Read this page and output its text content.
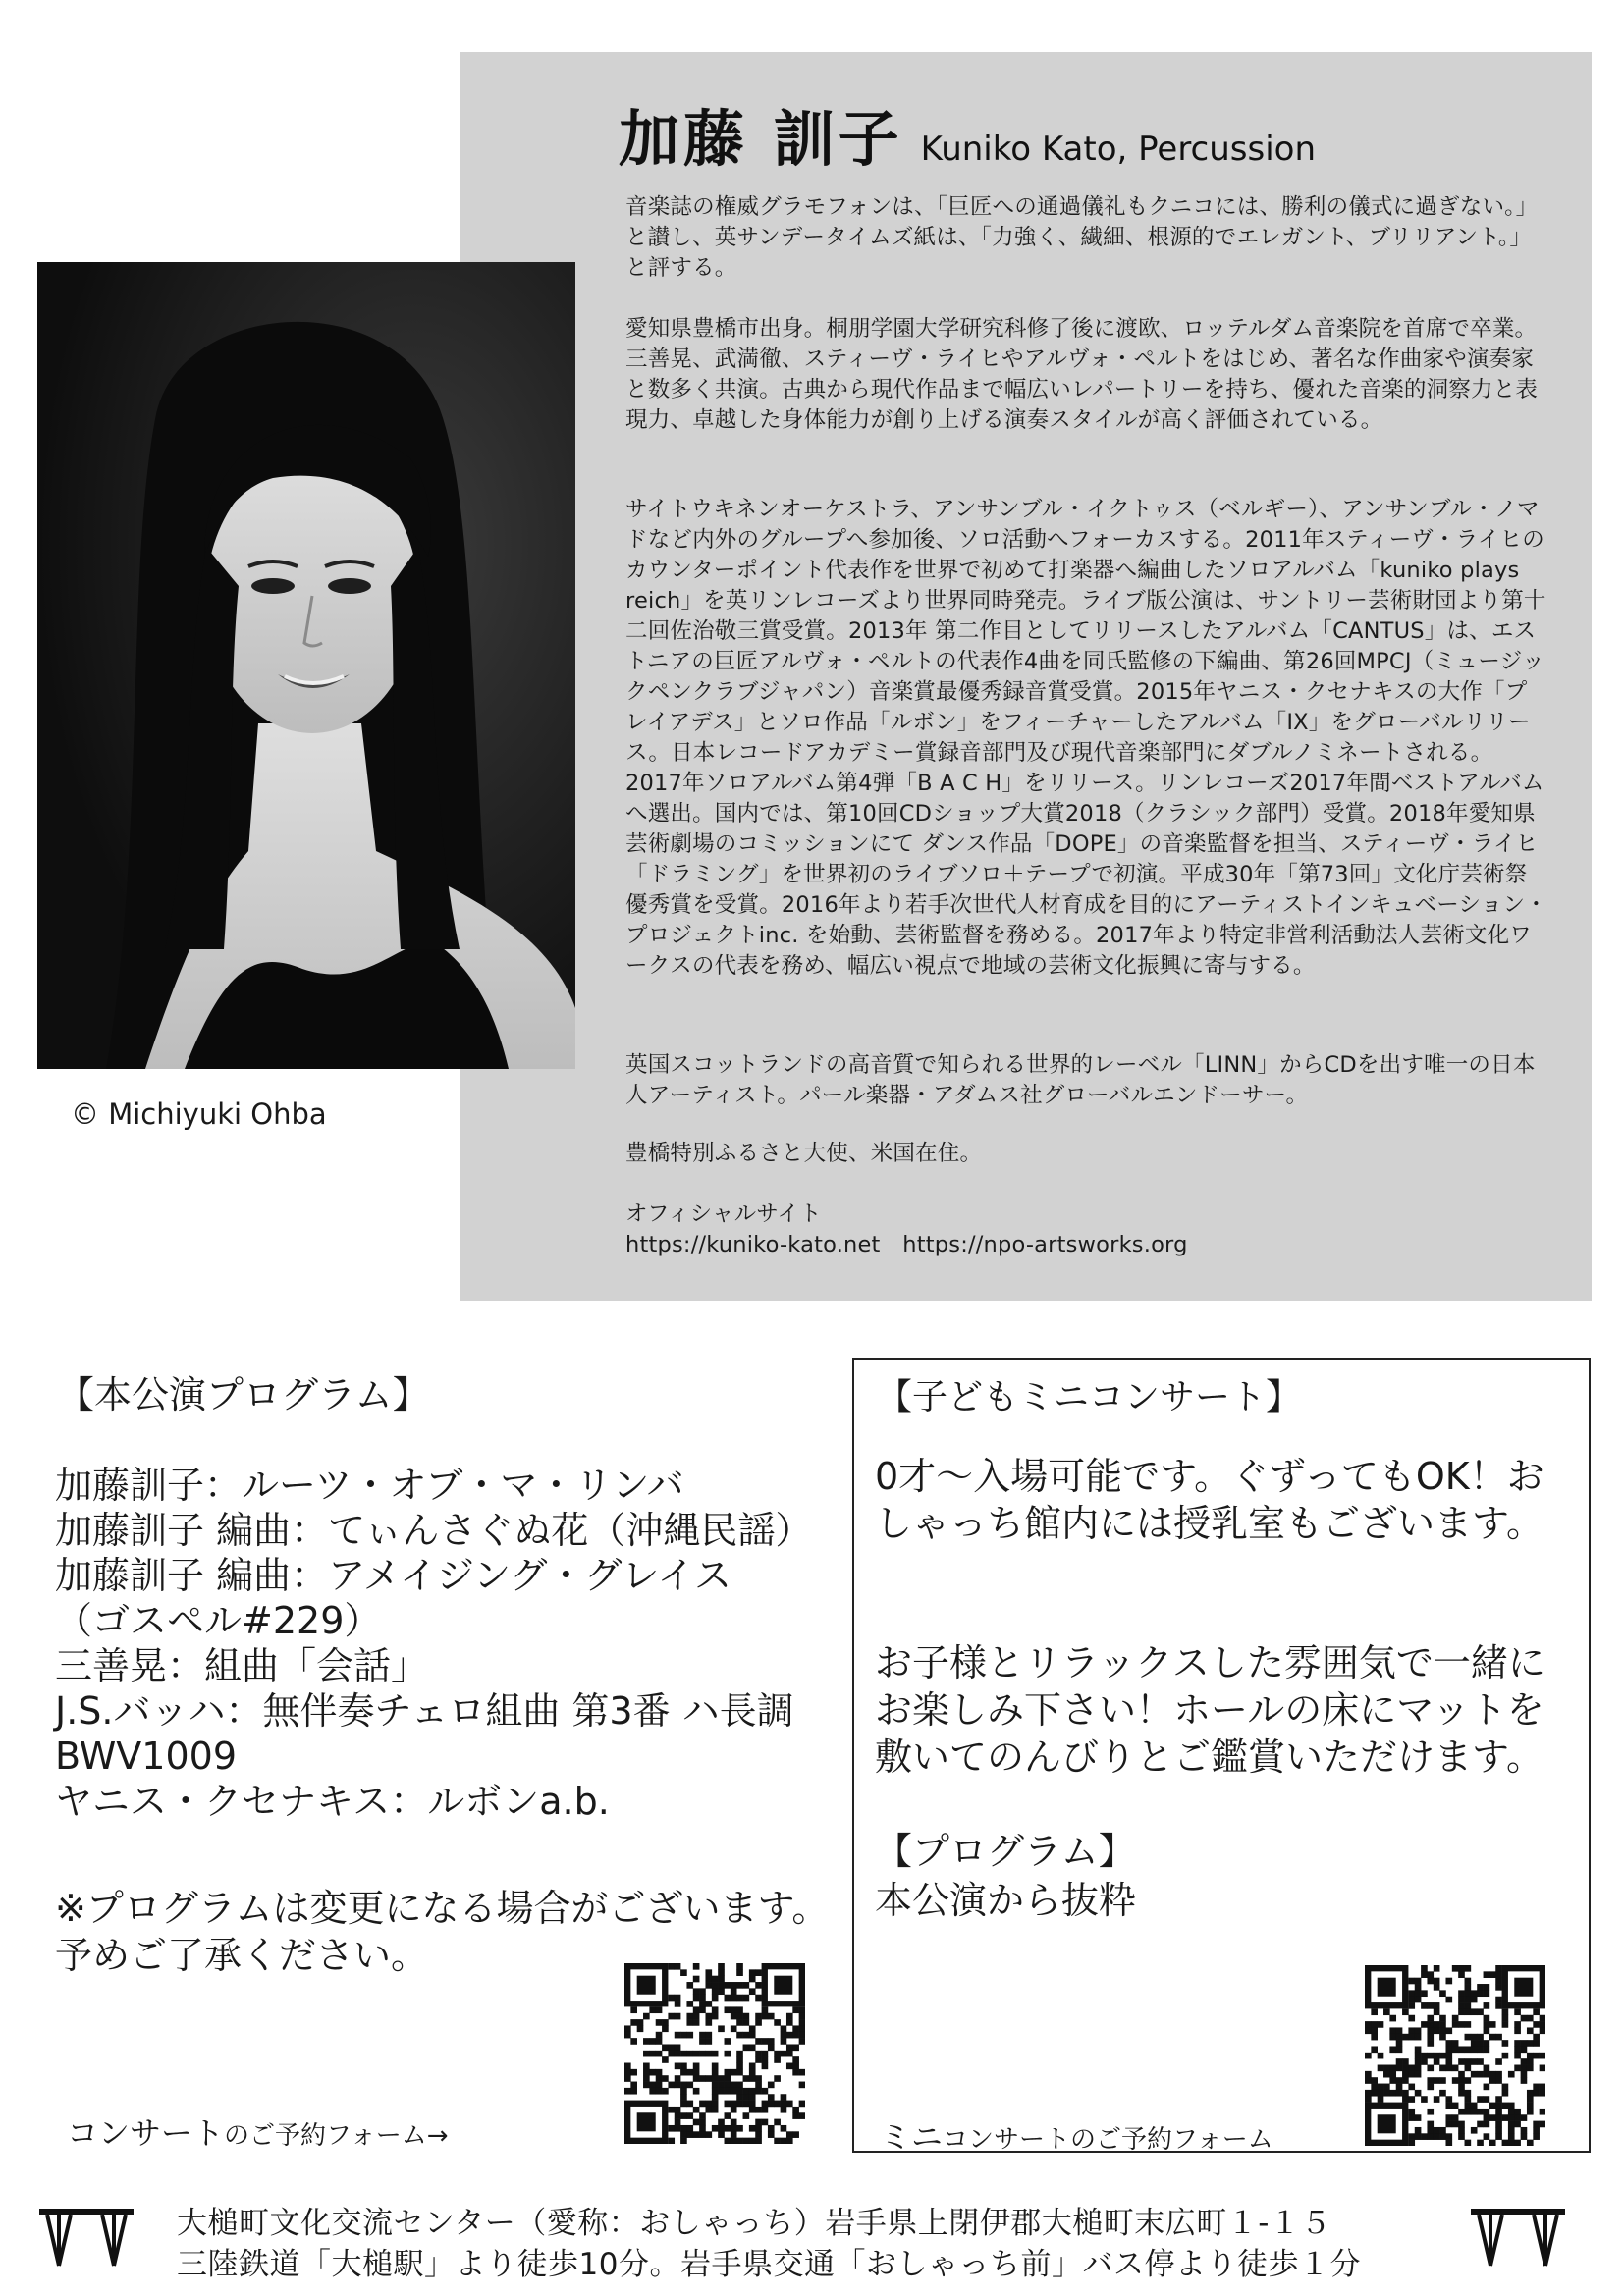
加藤 訓子 Kuniko Kato, Percussion

音楽誌の権威グラモフォンは、「巨匠への通過儀礼もクニコには、勝利の儀式に過ぎない。」と讃し、英サンデータイムズ紙は、「力強く、繊細、根源的でエレガント、ブリリアント。」と評する。

愛知県豊橋市出身。桐朋学園大学研究科修了後に渡欧、ロッテルダム音楽院を首席で卒業。三善晃、武満徹、スティーヴ・ライヒやアルヴォ・ペルトをはじめ、著名な作曲家や演奏家と数多く共演。古典から現代作品まで幅広いレパートリーを持ち、優れた音楽的洞察力と表現力、卓越した身体能力が創り上げる演奏スタイルが高く評価されている。

サイトウキネンオーケストラ、アンサンブル・イクトゥス（ベルギー）、アンサンブル・ノマドなど内外のグループへ参加後、ソロ活動へフォーカスする。2011年スティーヴ・ライヒのカウンターポイント代表作を世界で初めて打楽器へ編曲したソロアルバム「kuniko plays reich」を英リンレコーズより世界同時発売。ライブ版公演は、サントリー芸術財団より第十二回佐治敬三賞受賞。2013年 第二作目としてリリースしたアルバム「CANTUS」は、エストニアの巨匠アルヴォ・ペルトの代表作4曲を同氏監修の下編曲、第26回MPCJ（ミュージックペンクラブジャパン）音楽賞最優秀録音賞受賞。2015年ヤニス・クセナキスの大作「プレイアデス」とソロ作品「ルボン」をフィーチャーしたアルバム「IX」をグローバルリリース。日本レコードアカデミー賞録音部門及び現代音楽部門にダブルノミネートされる。2017年ソロアルバム第4弾「B A C H」をリリース。リンレコーズ2017年間ベストアルバムへ選出。国内では、第10回CDショップ大賞2018（クラシック部門）受賞。2018年愛知県芸術劇場のコミッションにて ダンス作品「DOPE」の音楽監督を担当、スティーヴ・ライヒ「ドラミング」を世界初のライブソロ＋テープで初演。平成30年「第73回」文化庁芸術祭優秀賞を受賞。2016年より若手次世代人材育成を目的にアーティストインキュベーション・プロジェクトinc. を始動、芸術監督を務める。2017年より特定非営利活動法人芸術文化ワークスの代表を務め、幅広い視点で地域の芸術文化振興に寄与する。

英国スコットランドの高音質で知られる世界的レーベル「LINN」からCDを出す唯一の日本人アーティスト。パール楽器・アダムス社グローバルエンドーサー。

豊橋特別ふるさと大使、米国在住。

オフィシャルサイト

https://kuniko-kato.net　https://npo-artsworks.org

© Michiyuki Ohba
【本公演プログラム】
加藤訓子：ルーツ・オブ・マ・リンバ
加藤訓子 編曲：てぃんさぐぬ花（沖縄民謡）
加藤訓子 編曲：アメイジング・グレイス
（ゴスペル#229）
三善晃：組曲「会話」
J.S.バッハ：無伴奏チェロ組曲 第3番 ハ長調
BWV1009
ヤニス・クセナキス：ルボンa.b.
※プログラムは変更になる場合がございます。
予めご了承ください。
コンサートのご予約フォーム→
【子どもミニコンサート】

0才～入場可能です。ぐずってもOK！おしゃっち館内には授乳室もございます。

お子様とリラックスした雰囲気で一緒にお楽しみ下さい！ホールの床にマットを敷いてのんびりとご鑑賞いただけます。

【プログラム】
本公演から抜粋
ミニコンサートのご予約フォーム
大槌町文化交流センター（愛称：おしゃっち）岩手県上閉伊郡大槌町末広町１-１５
三陸鉄道「大槌駅」より徒歩10分。岩手県交通「おしゃっち前」バス停より徒歩１分
